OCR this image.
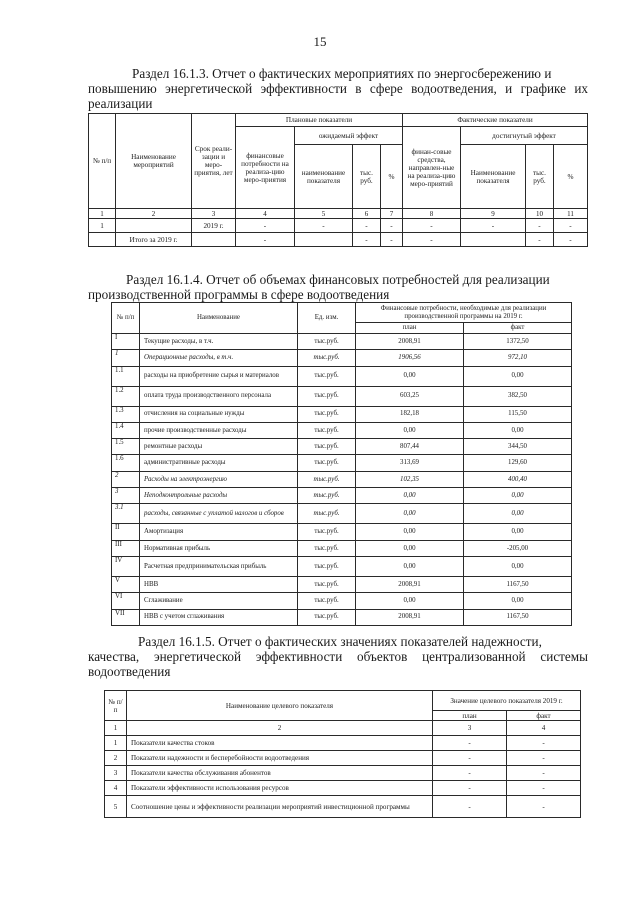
15
Раздел 16.1.3. Отчет о фактических мероприятиях по энергосбережению и
повышению энергетической эффективности в сфере водоотведения, и графике их реализации
№ п/п	Наименование мероприятий	Срок реали-зации и меро-приятия, лет	Плановые показатели				Фактические показатели			
			финансовые потребности на реализа-цию меро-приятия	ожидаемый эффект			финан-совые средства, направлен-ные на реализа-цию меро-приятий	достигнутый эффект		
				наименование показателя	тыс. руб.	%		Наименование показателя	тыс. руб.	%
1	2	3	4	5	6	7	8	9	10	11
1		2019 г.	-	-	-	-	-	-	-	-
	Итого за 2019 г.		-		-	-	-		-	-
Раздел 16.1.4. Отчет об объемах финансовых потребностей для реализации
производственной программы в сфере водоотведения
№ п/п	Наименование	Ед. изм.	Финансовые потребности, необходимые для реализации производственной программы на 2019 г.	
			план	факт
I	Текущие расходы, в т.ч.	тыс.руб.	2008,91	1372,50
1	Операционные расходы, в т.ч.	тыс.руб.	1906,56	972,10
1.1	расходы на приобретение сырья и материалов	тыс.руб.	0,00	0,00
1.2	оплата труда производственного персонала	тыс.руб.	603,25	382,50
1.3	отчисления на социальные нужды	тыс.руб.	182,18	115,50
1.4	прочие производственные расходы	тыс.руб.	0,00	0,00
1.5	ремонтные расходы	тыс.руб.	807,44	344,50
1.6	административные расходы	тыс.руб.	313,69	129,60
2	Расходы на электроэнергию	тыс.руб.	102,35	400,40
3	Неподконтрольные расходы	тыс.руб.	0,00	0,00
3.1	расходы, связанные с уплатой налогов и сборов	тыс.руб.	0,00	0,00
II	Амортизация	тыс.руб.	0,00	0,00
III	Нормативная прибыль	тыс.руб.	0,00	-205,00
IV	Расчетная предпринимательская прибыль	тыс.руб.	0,00	0,00
V	НВВ	тыс.руб.	2008,91	1167,50
VI	Сглаживание	тыс.руб.	0,00	0,00
VII	НВВ с учетом сглаживания	тыс.руб.	2008,91	1167,50
Раздел 16.1.5. Отчет о фактических значениях показателей надежности,
качества, энергетической эффективности объектов централизованной системы водоотведения
№ п/п	Наименование целевого показателя	Значение целевого показателя 2019 г.	
		план	факт
1	2	3	4
1	Показатели качества стоков	-	-
2	Показатели надежности и бесперебойности водоотведения	-	-
3	Показатели качества обслуживания абонентов	-	-
4	Показатели эффективности использования ресурсов	-	-
5	Соотношение цены и эффективности реализации мероприятий инвестиционной программы	-	-
